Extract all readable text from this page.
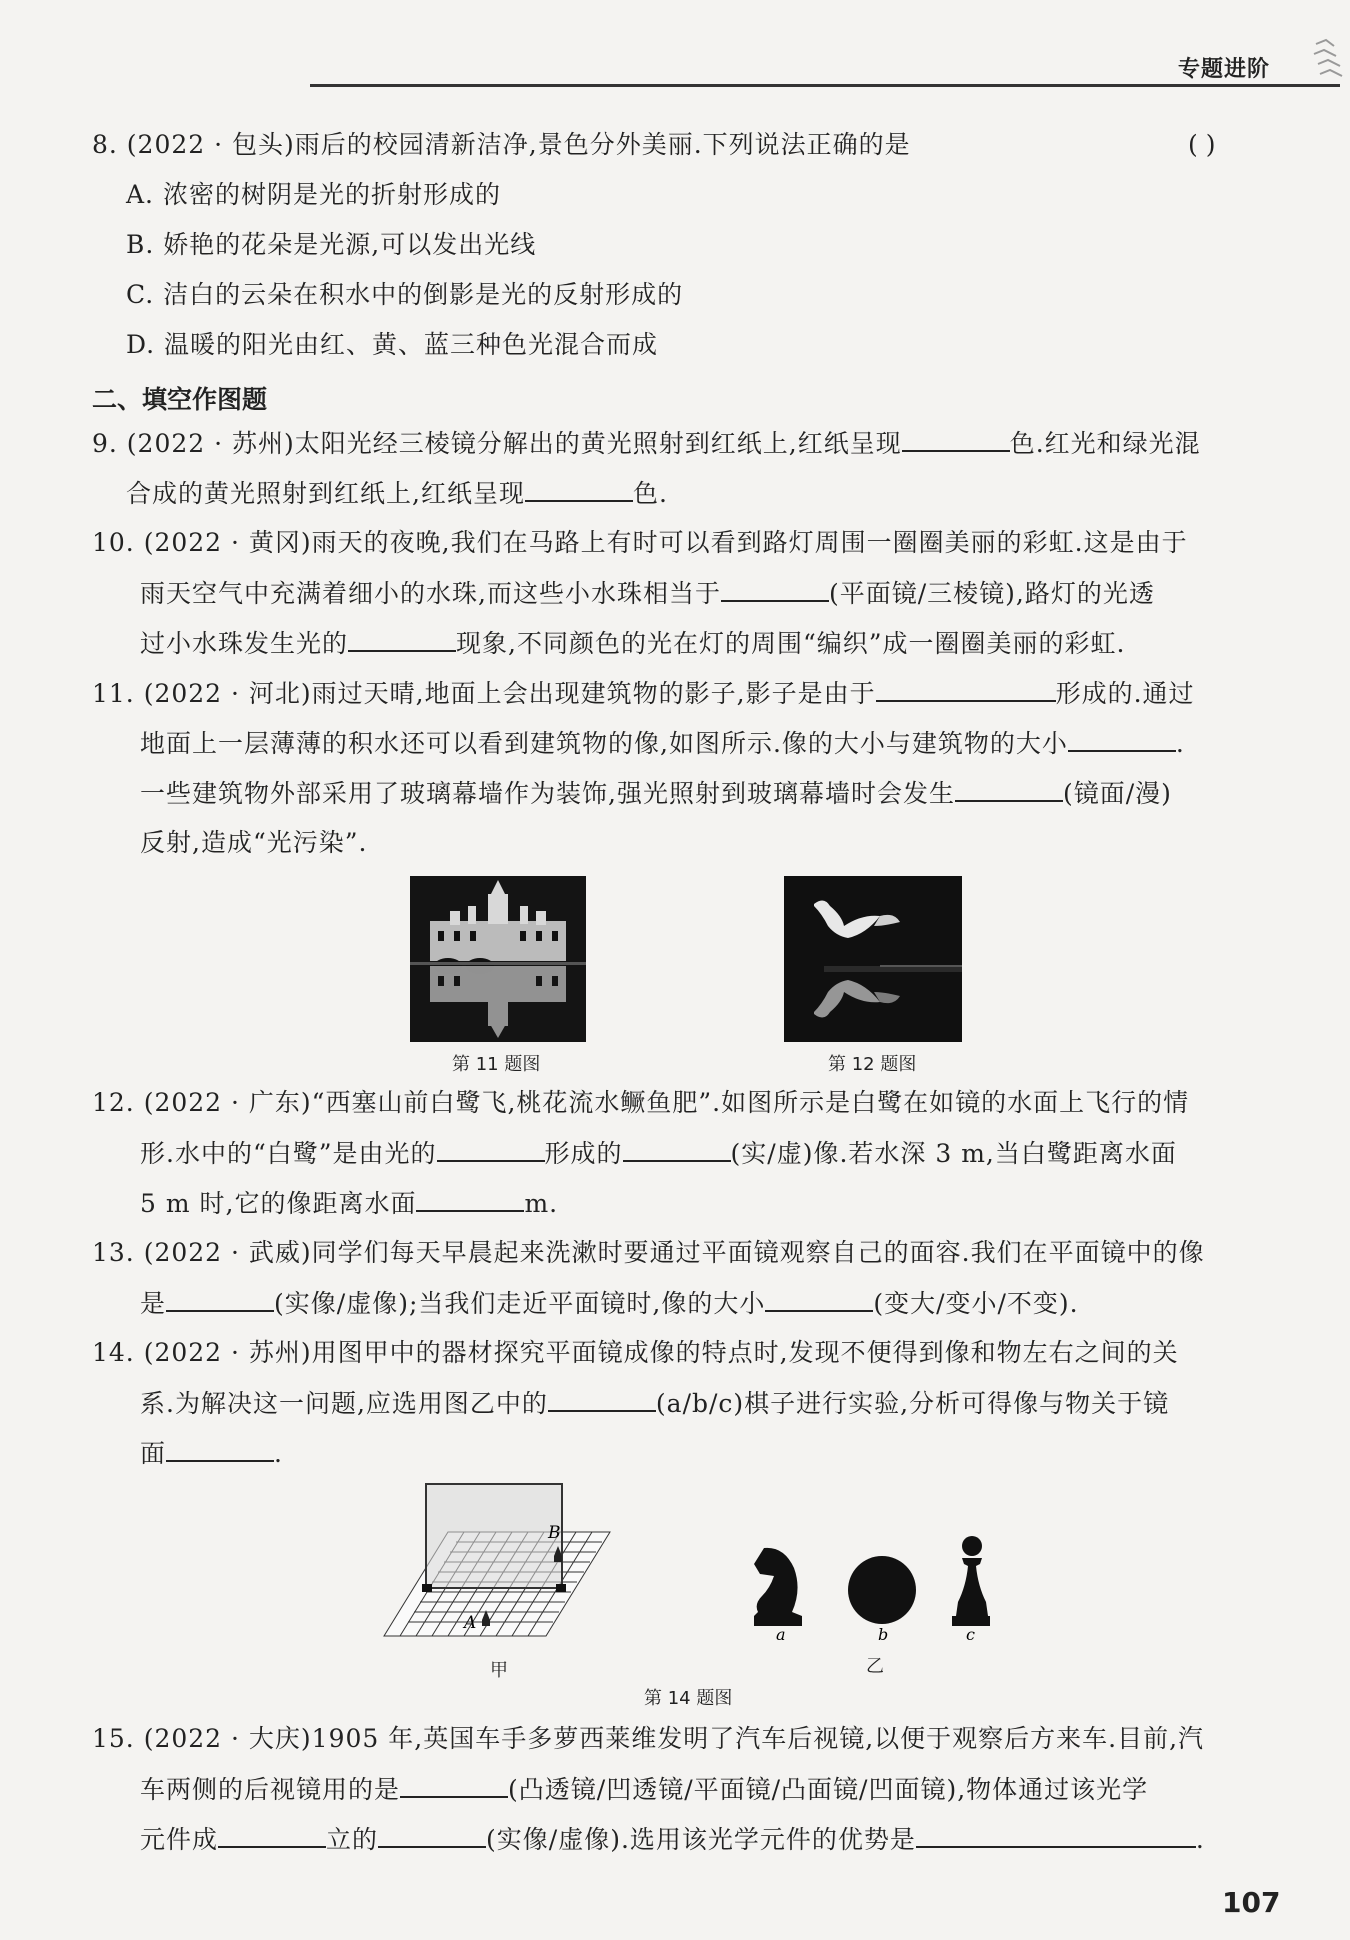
专题进阶
8. (2022 · 包头)雨后的校园清新洁净,景色分外美丽.下列说法正确的是	( )
A. 浓密的树阴是光的折射形成的
B. 娇艳的花朵是光源,可以发出光线
C. 洁白的云朵在积水中的倒影是光的反射形成的
D. 温暖的阳光由红、黄、蓝三种色光混合而成
二、填空作图题
9. (2022 · 苏州)太阳光经三棱镜分解出的黄光照射到红纸上,红纸呈现	色.红光和绿光混
合成的黄光照射到红纸上,红纸呈现	色.
10. (2022 · 黄冈)雨天的夜晚,我们在马路上有时可以看到路灯周围一圈圈美丽的彩虹.这是由于
雨天空气中充满着细小的水珠,而这些小水珠相当于	(平面镜/三棱镜),路灯的光透
过小水珠发生光的	现象,不同颜色的光在灯的周围“编织”成一圈圈美丽的彩虹.
11. (2022 · 河北)雨过天晴,地面上会出现建筑物的影子,影子是由于	形成的.通过
地面上一层薄薄的积水还可以看到建筑物的像,如图所示.像的大小与建筑物的大小	.
一些建筑物外部采用了玻璃幕墙作为装饰,强光照射到玻璃幕墙时会发生	(镜面/漫)
反射,造成“光污染”.
第 11 题图	第 12 题图
12. (2022 · 广东)“西塞山前白鹭飞,桃花流水鳜鱼肥”.如图所示是白鹭在如镜的水面上飞行的情
形.水中的“白鹭”是由光的	形成的	(实/虚)像.若水深 3 m,当白鹭距离水面
5 m 时,它的像距离水面	m.
13. (2022 · 武威)同学们每天早晨起来洗漱时要通过平面镜观察自己的面容.我们在平面镜中的像
是	(实像/虚像);当我们走近平面镜时,像的大小	(变大/变小/不变).
14. (2022 · 苏州)用图甲中的器材探究平面镜成像的特点时,发现不便得到像和物左右之间的关
系.为解决这一问题,应选用图乙中的	(a/b/c)棋子进行实验,分析可得像与物关于镜
面	.
B
A
甲
a	b	c
乙
第 14 题图
15. (2022 · 大庆)1905 年,英国车手多萝西莱维发明了汽车后视镜,以便于观察后方来车.目前,汽
车两侧的后视镜用的是	(凸透镜/凹透镜/平面镜/凸面镜/凹面镜),物体通过该光学
元件成	立的	(实像/虚像).选用该光学元件的优势是	.
107
